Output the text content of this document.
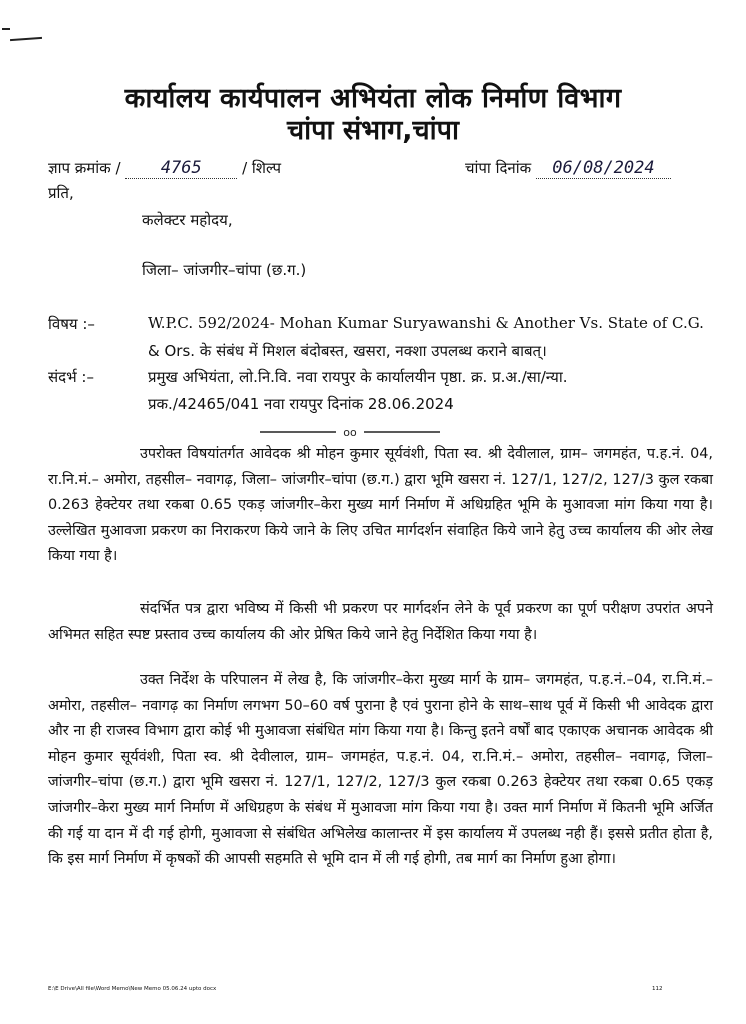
कार्यालय कार्यपालन अभियंता लोक निर्माण विभाग
चांपा संभाग,चांपा
ज्ञाप क्रमांक / 4765	/ शिल्प	चांपा दिनांक 06/08/2024
प्रति,
कलेक्टर महोदय,
जिला– जांजगीर–चांपा (छ.ग.)
विषय :–	W.P.C. 592/2024- Mohan Kumar Suryawanshi & Another Vs. State of C.G.
& Ors. के संबंध में मिशल बंदोबस्त, खसरा, नक्शा उपलब्ध कराने बाबत्।
संदर्भ :–	प्रमुख अभियंता, लो.नि.वि. नवा रायपुर के कार्यालयीन पृष्ठा. क्र. प्र.अ./सा/न्या.
प्रक./42465/041 नवा रायपुर दिनांक 28.06.2024
oo
उपरोक्त विषयांतर्गत आवेदक श्री मोहन कुमार सूर्यवंशी, पिता स्व. श्री देवीलाल, ग्राम– जगमहंत, प.ह.नं. 04, रा.नि.मं.– अमोरा, तहसील– नवागढ़, जिला– जांजगीर–चांपा (छ.ग.) द्वारा भूमि खसरा नं. 127/1, 127/2, 127/3 कुल रकबा 0.263 हेक्टेयर तथा रकबा 0.65 एकड़ जांजगीर–केरा मुख्य मार्ग निर्माण में अधिग्रहित भूमि के मुआवजा मांग किया गया है। उल्लेखित मुआवजा प्रकरण का निराकरण किये जाने के लिए उचित मार्गदर्शन संवाहित किये जाने हेतु उच्च कार्यालय की ओर लेख किया गया है।
संदर्भित पत्र द्वारा भविष्य में किसी भी प्रकरण पर मार्गदर्शन लेने के पूर्व प्रकरण का पूर्ण परीक्षण उपरांत अपने अभिमत सहित स्पष्ट प्रस्ताव उच्च कार्यालय की ओर प्रेषित किये जाने हेतु निर्देशित किया गया है।
उक्त निर्देश के परिपालन में लेख है, कि जांजगीर–केरा मुख्य मार्ग के ग्राम– जगमहंत, प.ह.नं.–04, रा.नि.मं.– अमोरा, तहसील– नवागढ़ का निर्माण लगभग 50–60 वर्ष पुराना है एवं पुराना होने के साथ–साथ पूर्व में किसी भी आवेदक द्वारा और ना ही राजस्व विभाग द्वारा कोई भी मुआवजा संबंधित मांग किया गया है। किन्तु इतने वर्षों बाद एकाएक अचानक आवेदक श्री मोहन कुमार सूर्यवंशी, पिता स्व. श्री देवीलाल, ग्राम– जगमहंत, प.ह.नं. 04, रा.नि.मं.– अमोरा, तहसील– नवागढ़, जिला– जांजगीर–चांपा (छ.ग.) द्वारा भूमि खसरा नं. 127/1, 127/2, 127/3 कुल रकबा 0.263 हेक्टेयर तथा रकबा 0.65 एकड़ जांजगीर–केरा मुख्य मार्ग निर्माण में अधिग्रहण के संबंध में मुआवजा मांग किया गया है। उक्त मार्ग निर्माण में कितनी भूमि अर्जित की गई या दान में दी गई होगी, मुआवजा से संबंधित अभिलेख कालान्तर में इस कार्यालय में उपलब्ध नही हैं। इससे प्रतीत होता है, कि इस मार्ग निर्माण में कृषकों की आपसी सहमति से भूमि दान में ली गई होगी, तब मार्ग का निर्माण हुआ होगा।
E:\E Drive\All file\Word Memo\New Memo 05.06.24 upto docx	112
